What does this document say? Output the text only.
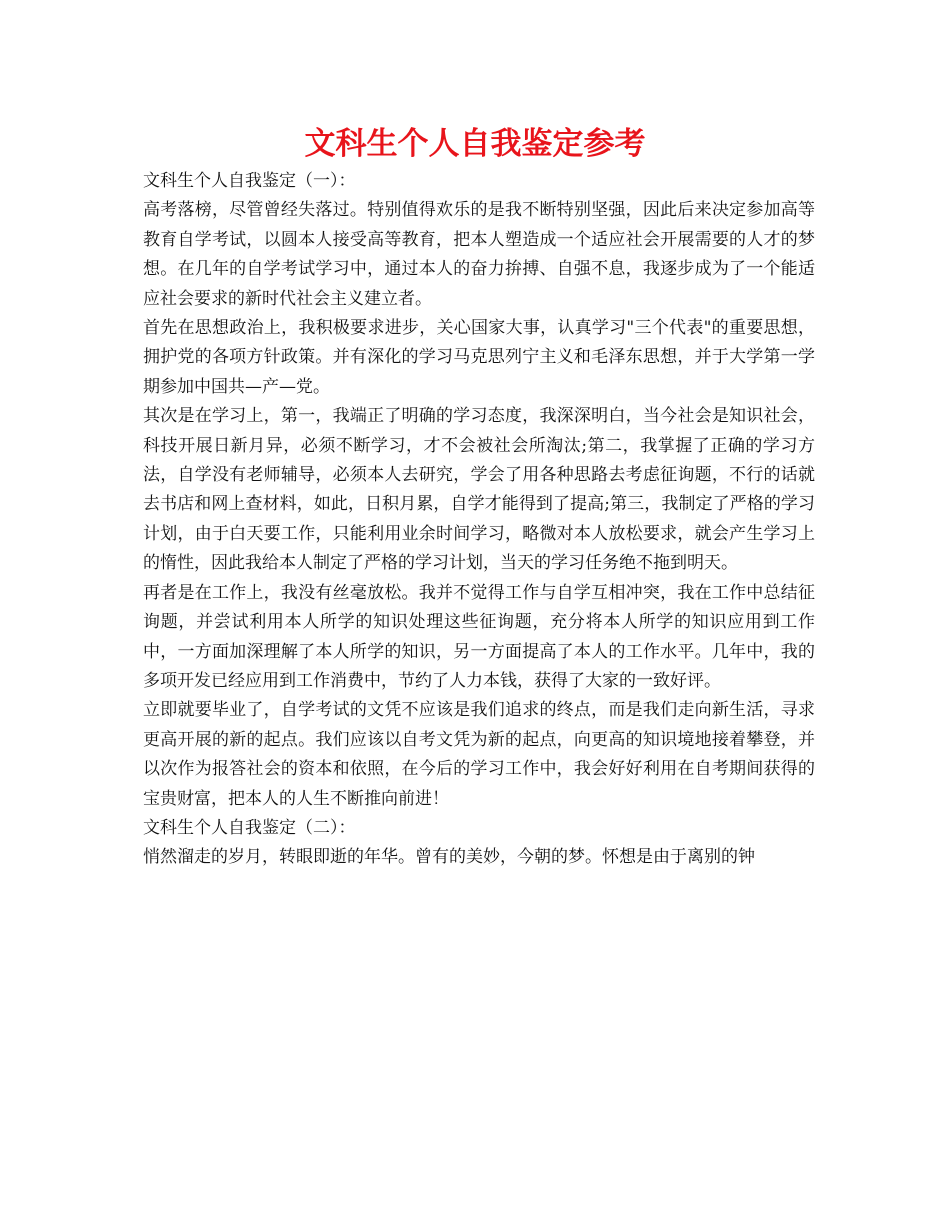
文科生个人自我鉴定参考

文科生个人自我鉴定（一）：

高考落榜，尽管曾经失落过。特别值得欢乐的是我不断特别坚强，因此后来决定参加高等教育自学考试，以圆本人接受高等教育，把本人塑造成一个适应社会开展需要的人才的梦想。在几年的自学考试学习中，通过本人的奋力拚搏、自强不息，我逐步成为了一个能适应社会要求的新时代社会主义建立者。

首先在思想政治上，我积极要求进步，关心国家大事，认真学习"三个代表"的重要思想，拥护党的各项方针政策。并有深化的学习马克思列宁主义和毛泽东思想，并于大学第一学期参加中国共—产—党。

其次是在学习上，第一，我端正了明确的学习态度，我深深明白，当今社会是知识社会，科技开展日新月异，必须不断学习，才不会被社会所淘汰;第二，我掌握了正确的学习方法，自学没有老师辅导，必须本人去研究，学会了用各种思路去考虑征询题，不行的话就去书店和网上查材料，如此，日积月累，自学才能得到了提高;第三，我制定了严格的学习计划，由于白天要工作，只能利用业余时间学习，略微对本人放松要求，就会产生学习上的惰性，因此我给本人制定了严格的学习计划，当天的学习任务绝不拖到明天。

再者是在工作上，我没有丝毫放松。我并不觉得工作与自学互相冲突，我在工作中总结征询题，并尝试利用本人所学的知识处理这些征询题，充分将本人所学的知识应用到工作中，一方面加深理解了本人所学的知识，另一方面提高了本人的工作水平。几年中，我的多项开发已经应用到工作消费中，节约了人力本钱，获得了大家的一致好评。

立即就要毕业了，自学考试的文凭不应该是我们追求的终点，而是我们走向新生活，寻求更高开展的新的起点。我们应该以自考文凭为新的起点，向更高的知识境地接着攀登，并以次作为报答社会的资本和依照，在今后的学习工作中，我会好好利用在自考期间获得的宝贵财富，把本人的人生不断推向前进！

文科生个人自我鉴定（二）：

悄然溜走的岁月，转眼即逝的年华。曾有的美妙，今朝的梦。怀想是由于离别的钟
